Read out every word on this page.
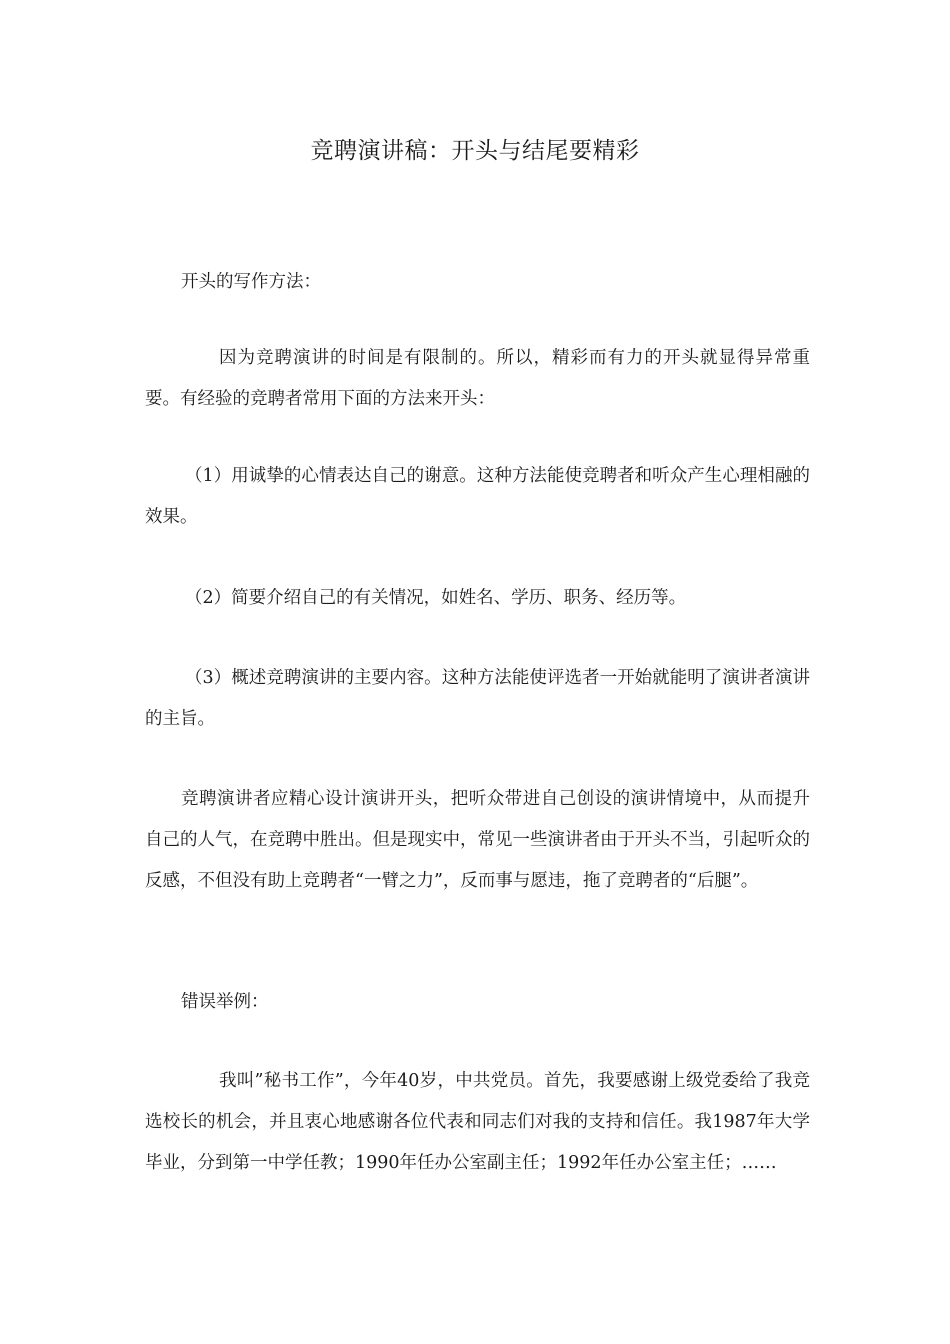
竞聘演讲稿：开头与结尾要精彩

开头的写作方法：

因为竞聘演讲的时间是有限制的。所以，精彩而有力的开头就显得异常重要。有经验的竞聘者常用下面的方法来开头：

（1）用诚挚的心情表达自己的谢意。这种方法能使竞聘者和听众产生心理相融的效果。

（2）简要介绍自己的有关情况，如姓名、学历、职务、经历等。

（3）概述竞聘演讲的主要内容。这种方法能使评选者一开始就能明了演讲者演讲的主旨。

竞聘演讲者应精心设计演讲开头，把听众带进自己创设的演讲情境中，从而提升自己的人气，在竞聘中胜出。但是现实中，常见一些演讲者由于开头不当，引起听众的反感，不但没有助上竞聘者“一臂之力”，反而事与愿违，拖了竞聘者的“后腿”。

错误举例：

我叫”秘书工作”，今年40岁，中共党员。首先，我要感谢上级党委给了我竞选校长的机会，并且衷心地感谢各位代表和同志们对我的支持和信任。我1987年大学毕业，分到第一中学任教；1990年任办公室副主任；1992年任办公室主任；……
